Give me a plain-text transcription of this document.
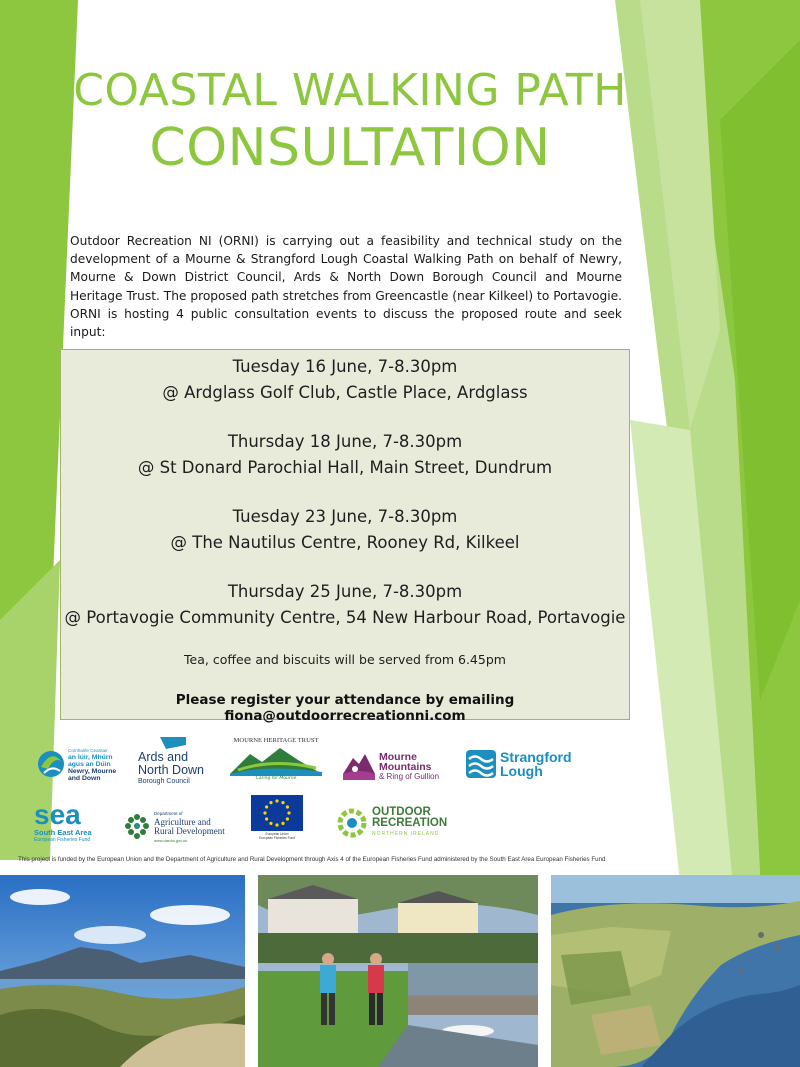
COASTAL WALKING PATH
CONSULTATION

Outdoor Recreation NI (ORNI) is carrying out a feasibility and technical study on the development of a Mourne & Strangford Lough Coastal Walking Path on behalf of Newry, Mourne & Down District Council, Ards & North Down Borough Council and Mourne Heritage Trust. The proposed path stretches from Greencastle (near Kilkeel) to Portavogie. ORNI is hosting 4 public consultation events to discuss the proposed route and seek input:

Tuesday 16 June, 7-8.30pm
@ Ardglass Golf Club, Castle Place, Ardglass
Thursday 18 June, 7-8.30pm
@ St Donard Parochial Hall, Main Street, Dundrum
Tuesday 23 June, 7-8.30pm
@ The Nautilus Centre, Rooney Rd, Kilkeel
Thursday 25 June, 7-8.30pm
@ Portavogie Community Centre, 54 New Harbour Road, Portavogie
Tea, coffee and biscuits will be served from 6.45pm
Please register your attendance by emailing fiona@outdoorrecreationni.com
Comhairle Ceantair
an Iúir, Mhúrn
agus an Dúin
Newry, Mourne
and Down
Ards and
North Down
Borough Council
MOURNE HERITAGE TRUST
Caring for Mourne
Mourne
Mountains
& Ring of Gullion
Strangford
Lough
sea
South East Area
European Fisheries Fund
Department of
Agriculture and
Rural Development
www.dardni.gov.uk
European Union
European Fisheries Fund
OUTDOOR
RECREATION
NORTHERN IRELAND
This project is funded by the European Union and the Department of Agriculture and Rural Development through Axis 4 of the European Fisheries Fund administered by the South East Area European Fisheries Fund
